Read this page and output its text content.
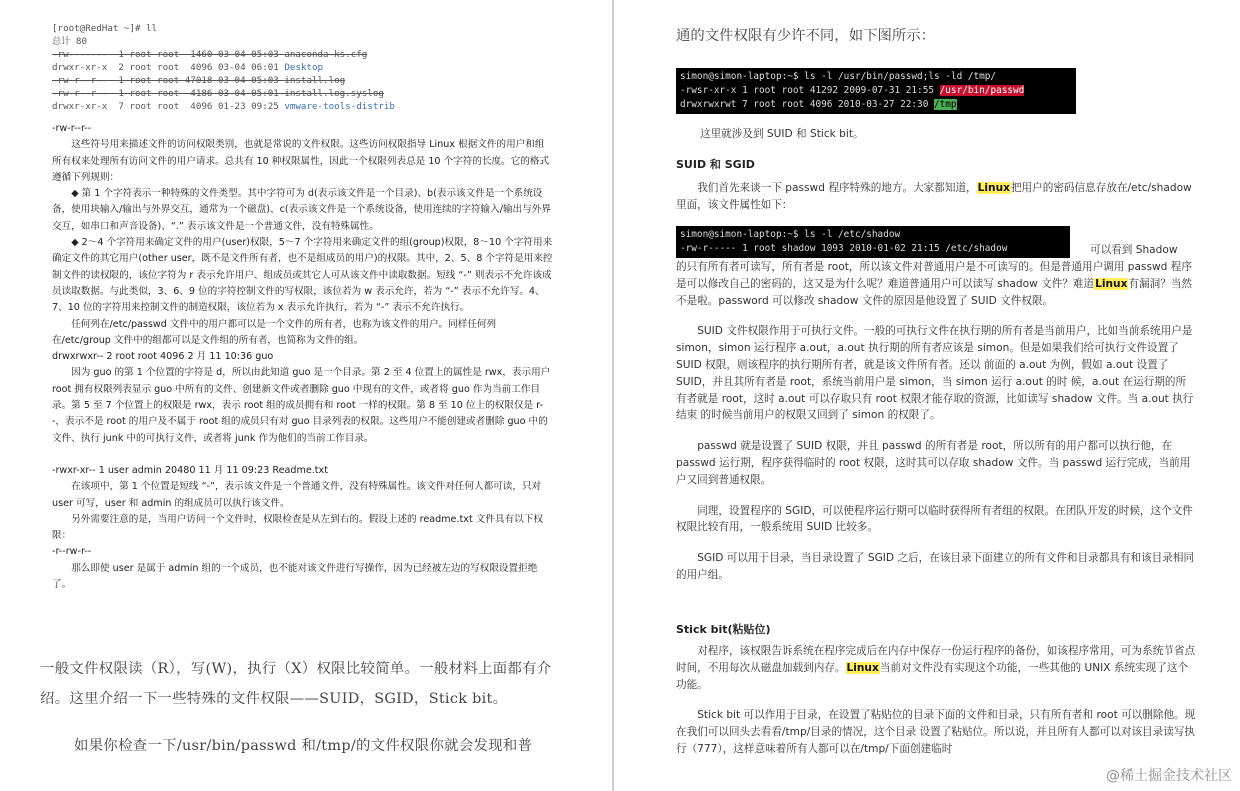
[root@RedHat ~]# ll
总计 80
-rw-------  1 root root  1460 03-04 05:03 anaconda-ks.cfg
drwxr-xr-x  2 root root  4096 03-04 06:01 Desktop
-rw-r--r--  1 root root 47018 03-04 05:03 install.log
-rw-r--r--  1 root root  4186 03-04 05:01 install.log.syslog
drwxr-xr-x  7 root root  4096 01-23 09:25 vmware-tools-distrib

-rw-r--r--

这些符号用来描述文件的访问权限类别，也就是常说的文件权限。这些访问权限指导 Linux 根据文件的用户和组所有权来处理所有访问文件的用户请求。总共有 10 种权限属性，因此一个权限列表总是 10 个字符的长度。它的格式遵循下列规则：

◆ 第 1 个字符表示一种特殊的文件类型。其中字符可为 d(表示该文件是一个目录)、b(表示该文件是一个系统设备，使用块输入/输出与外界交互，通常为一个磁盘)、c(表示该文件是一个系统设备，使用连续的字符输入/输出与外界交互，如串口和声音设备)、“.” 表示该文件是一个普通文件，没有特殊属性。

◆ 2～4 个字符用来确定文件的用户(user)权限，5～7 个字符用来确定文件的组(group)权限，8～10 个字符用来确定文件的其它用户(other user，既不是文件所有者，也不是组成员的用户)的权限。其中，2、5、8 个字符是用来控制文件的读权限的，该位字符为 r 表示允许用户、组成员或其它人可从该文件中读取数据。短线 “-” 则表示不允许该成员读取数据。与此类似，3、6、9 位的字符控制文件的写权限，该位若为 w 表示允许，若为 “-” 表示不允许写。4、7、10 位的字符用来控制文件的制造权限，该位若为 x 表示允许执行，若为 “-” 表示不允许执行。

任何列在/etc/passwd 文件中的用户都可以是一个文件的所有者，也称为该文件的用户。同样任何列在/etc/group 文件中的组都可以是文件组的所有者，也简称为文件的组。

drwxrwxr-- 2 root root 4096 2 月 11 10:36 guo

因为 guo 的第 1 个位置的字符是 d，所以由此知道 guo 是一个目录。第 2 至 4 位置上的属性是 rwx，表示用户 root 拥有权限列表显示 guo 中所有的文件、创建新文件或者删除 guo 中现有的文件，或者将 guo 作为当前工作目录。第 5 至 7 个位置上的权限是 rwx，表示 root 组的成员拥有和 root 一样的权限。第 8 至 10 位上的权限仅是 r--，表示不是 root 的用户及不属于 root 组的成员只有对 guo 目录列表的权限。这些用户不能创建或者删除 guo 中的文件、执行 junk 中的可执行文件，或者将 junk 作为他们的当前工作目录。

-rwxr-xr-- 1 user admin 20480 11 月 11 09:23 Readme.txt

在该项中，第 1 个位置是短线 “-”，表示该文件是一个普通文件，没有特殊属性。该文件对任何人都可读，只对 user 可写，user 和 admin 的组成员可以执行该文件。

另外需要注意的是，当用户访问一个文件时，权限检查是从左到右的。假设上述的 readme.txt 文件具有以下权限：

-r--rw-r--

那么即使 user 是属于 admin 组的一个成员，也不能对该文件进行写操作，因为已经被左边的写权限设置拒绝了。

一般文件权限读（R），写(W)，执行（X）权限比较简单。一般材料上面都有介绍。这里介绍一下一些特殊的文件权限——SUID，SGID，Stick bit。

如果你检查一下/usr/bin/passwd 和/tmp/的文件权限你就会发现和普

通的文件权限有少许不同，如下图所示：
simon@simon-laptop:~$ ls -l /usr/bin/passwd;ls -ld /tmp/
-rwsr-xr-x 1 root root 41292 2009-07-31 21:55 /usr/bin/passwd
drwxrwxrwt 7 root root 4096 2010-03-27 22:30 /tmp
这里就涉及到 SUID 和 Stick bit。
SUID 和 SGID

我们首先来谈一下 passwd 程序特殊的地方。大家都知道，Linux把用户的密码信息存放在/etc/shadow 里面，该文件属性如下：

simon@simon-laptop:~$ ls -l /etc/shadow
-rw-r----- 1 root shadow 1093 2010-01-02 21:15 /etc/shadow	可以看到 Shadow

的只有所有者可读写，所有者是 root，所以该文件对普通用户是不可读写的。但是普通用户调用 passwd 程序是可以修改自己的密码的，这又是为什么呢？难道普通用户可以读写 shadow 文件？难道Linux有漏洞？当然不是啦。password 可以修改 shadow 文件的原因是他设置了 SUID 文件权限。

SUID 文件权限作用于可执行文件。一般的可执行文件在执行期的所有者是当前用户，比如当前系统用户是 simon，simon 运行程序 a.out，a.out 执行期的所有者应该是 simon。但是如果我们给可执行文件设置了 SUID 权限，则该程序的执行期所有者，就是该文件所有者。还以 前面的 a.out 为例，假如 a.out 设置了 SUID，并且其所有者是 root，系统当前用户是 simon，当 simon 运行 a.out 的时 候，a.out 在运行期的所有者就是 root，这时 a.out 可以存取只有 root 权限才能存取的资源，比如读写 shadow 文件。当 a.out 执行结束 的时候当前用户的权限又回到了 simon 的权限了。

passwd 就是设置了 SUID 权限，并且 passwd 的所有者是 root，所以所有的用户都可以执行他，在 passwd 运行期，程序获得临时的 root 权限，这时其可以存取 shadow 文件。当 passwd 运行完成，当前用户又回到普通权限。

同理，设置程序的 SGID，可以使程序运行期可以临时获得所有者组的权限。在团队开发的时候，这个文件权限比较有用，一般系统用 SUID 比较多。

SGID 可以用于目录，当目录设置了 SGID 之后，在该目录下面建立的所有文件和目录都具有和该目录相同的用户组。

Stick bit(粘贴位)

对程序，该权限告诉系统在程序完成后在内存中保存一份运行程序的备份，如该程序常用，可为系统节省点时间，不用每次从磁盘加载到内存。Linux当前对文件没有实现这个功能，一些其他的 UNIX 系统实现了这个功能。

Stick bit 可以作用于目录，在设置了粘贴位的目录下面的文件和目录，只有所有者和 root 可以删除他。现在我们可以回头去看看/tmp/目录的情况，这个目录 设置了粘贴位。所以说，并且所有人都可以对该目录读写执行（777），这样意味着所有人都可以在/tmp/下面创建临时

@稀土掘金技术社区
